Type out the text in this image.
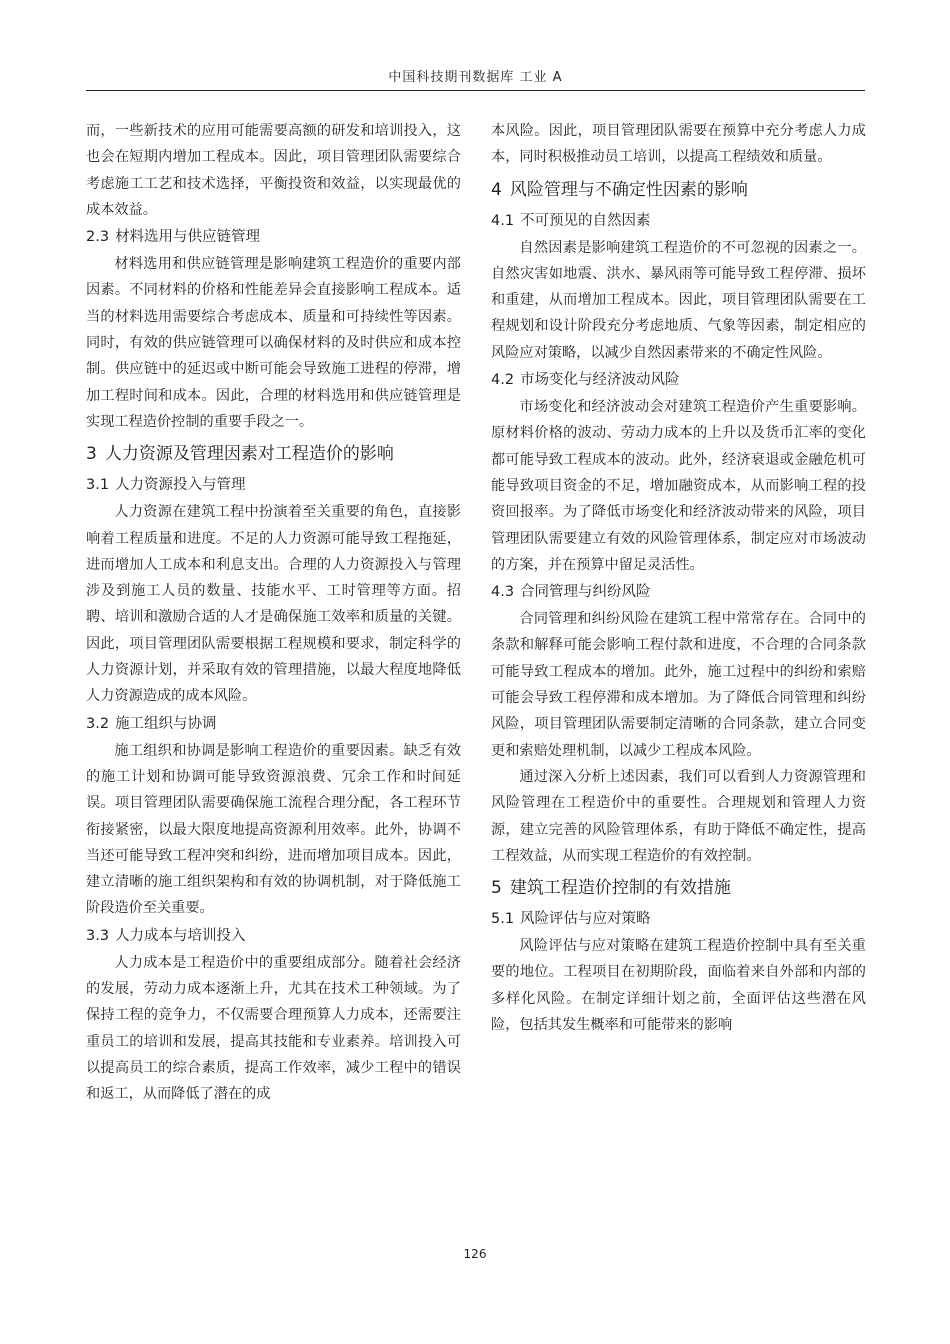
中国科技期刊数据库 工业 A

而，一些新技术的应用可能需要高额的研发和培训投入，这也会在短期内增加工程成本。因此，项目管理团队需要综合考虑施工工艺和技术选择，平衡投资和效益，以实现最优的成本效益。

2.3 材料选用与供应链管理

材料选用和供应链管理是影响建筑工程造价的重要内部因素。不同材料的价格和性能差异会直接影响工程成本。适当的材料选用需要综合考虑成本、质量和可持续性等因素。同时，有效的供应链管理可以确保材料的及时供应和成本控制。供应链中的延迟或中断可能会导致施工进程的停滞，增加工程时间和成本。因此，合理的材料选用和供应链管理是实现工程造价控制的重要手段之一。

3 人力资源及管理因素对工程造价的影响
3.1 人力资源投入与管理

人力资源在建筑工程中扮演着至关重要的角色，直接影响着工程质量和进度。不足的人力资源可能导致工程拖延，进而增加人工成本和利息支出。合理的人力资源投入与管理涉及到施工人员的数量、技能水平、工时管理等方面。招聘、培训和激励合适的人才是确保施工效率和质量的关键。因此，项目管理团队需要根据工程规模和要求，制定科学的人力资源计划，并采取有效的管理措施，以最大程度地降低人力资源造成的成本风险。

3.2 施工组织与协调

施工组织和协调是影响工程造价的重要因素。缺乏有效的施工计划和协调可能导致资源浪费、冗余工作和时间延误。项目管理团队需要确保施工流程合理分配，各工程环节衔接紧密，以最大限度地提高资源利用效率。此外，协调不当还可能导致工程冲突和纠纷，进而增加项目成本。因此，建立清晰的施工组织架构和有效的协调机制，对于降低施工阶段造价至关重要。

3.3 人力成本与培训投入

人力成本是工程造价中的重要组成部分。随着社会经济的发展，劳动力成本逐渐上升，尤其在技术工种领域。为了保持工程的竞争力，不仅需要合理预算人力成本，还需要注重员工的培训和发展，提高其技能和专业素养。培训投入可以提高员工的综合素质，提高工作效率，减少工程中的错误和返工，从而降低了潜在的成

本风险。因此，项目管理团队需要在预算中充分考虑人力成本，同时积极推动员工培训，以提高工程绩效和质量。

4 风险管理与不确定性因素的影响
4.1 不可预见的自然因素

自然因素是影响建筑工程造价的不可忽视的因素之一。自然灾害如地震、洪水、暴风雨等可能导致工程停滞、损坏和重建，从而增加工程成本。因此，项目管理团队需要在工程规划和设计阶段充分考虑地质、气象等因素，制定相应的风险应对策略，以减少自然因素带来的不确定性风险。

4.2 市场变化与经济波动风险

市场变化和经济波动会对建筑工程造价产生重要影响。原材料价格的波动、劳动力成本的上升以及货币汇率的变化都可能导致工程成本的波动。此外，经济衰退或金融危机可能导致项目资金的不足，增加融资成本，从而影响工程的投资回报率。为了降低市场变化和经济波动带来的风险，项目管理团队需要建立有效的风险管理体系，制定应对市场波动的方案，并在预算中留足灵活性。

4.3 合同管理与纠纷风险

合同管理和纠纷风险在建筑工程中常常存在。合同中的条款和解释可能会影响工程付款和进度，不合理的合同条款可能导致工程成本的增加。此外，施工过程中的纠纷和索赔可能会导致工程停滞和成本增加。为了降低合同管理和纠纷风险，项目管理团队需要制定清晰的合同条款，建立合同变更和索赔处理机制，以减少工程成本风险。

通过深入分析上述因素，我们可以看到人力资源管理和风险管理在工程造价中的重要性。合理规划和管理人力资源，建立完善的风险管理体系，有助于降低不确定性，提高工程效益，从而实现工程造价的有效控制。

5 建筑工程造价控制的有效措施
5.1 风险评估与应对策略

风险评估与应对策略在建筑工程造价控制中具有至关重要的地位。工程项目在初期阶段，面临着来自外部和内部的多样化风险。在制定详细计划之前，全面评估这些潜在风险，包括其发生概率和可能带来的影响

126
